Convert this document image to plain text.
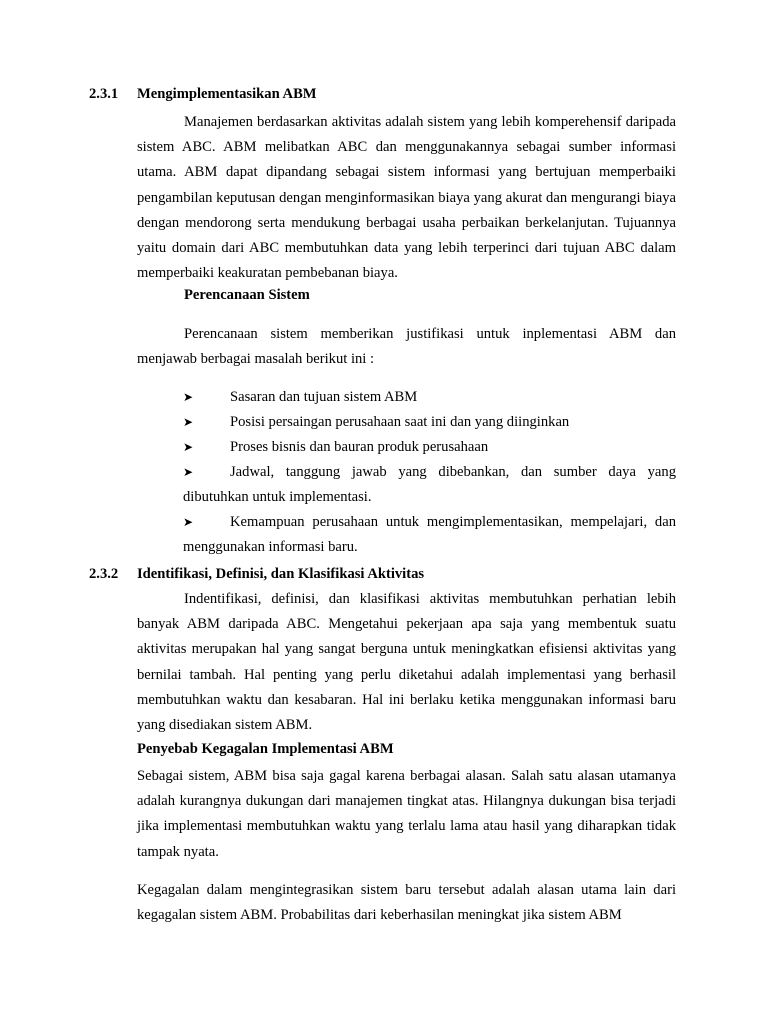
2.3.1 Mengimplementasikan ABM

Manajemen berdasarkan aktivitas adalah sistem yang lebih komperehensif daripada sistem ABC. ABM melibatkan ABC dan menggunakannya sebagai sumber informasi utama. ABM dapat dipandang sebagai sistem informasi yang bertujuan memperbaiki pengambilan keputusan dengan menginformasikan biaya yang akurat dan mengurangi biaya dengan mendorong serta mendukung berbagai usaha perbaikan berkelanjutan. Tujuannya yaitu domain dari ABC membutuhkan data yang lebih terperinci dari tujuan ABC dalam memperbaiki keakuratan pembebanan biaya.

Perencanaan Sistem

Perencanaan sistem memberikan justifikasi untuk inplementasi ABM dan menjawab berbagai masalah berikut ini :

➤	Sasaran dan tujuan sistem ABM
➤	Posisi persaingan perusahaan saat ini dan yang diinginkan
➤	Proses bisnis dan bauran produk perusahaan
➤	Jadwal, tanggung jawab yang dibebankan, dan sumber daya yang dibutuhkan untuk implementasi.
➤	Kemampuan perusahaan untuk mengimplementasikan, mempelajari, dan menggunakan informasi baru.
2.3.2 Identifikasi, Definisi, dan Klasifikasi Aktivitas

Indentifikasi, definisi, dan klasifikasi aktivitas membutuhkan perhatian lebih banyak ABM daripada ABC. Mengetahui pekerjaan apa saja yang membentuk suatu aktivitas merupakan hal yang sangat berguna untuk meningkatkan efisiensi aktivitas yang bernilai tambah. Hal penting yang perlu diketahui adalah implementasi yang berhasil membutuhkan waktu dan kesabaran. Hal ini berlaku ketika menggunakan informasi baru yang disediakan sistem ABM.

Penyebab Kegagalan Implementasi ABM

Sebagai sistem, ABM bisa saja gagal karena berbagai alasan. Salah satu alasan utamanya adalah kurangnya dukungan dari manajemen tingkat atas. Hilangnya dukungan bisa terjadi jika implementasi membutuhkan waktu yang terlalu lama atau hasil yang diharapkan tidak tampak nyata.

Kegagalan dalam mengintegrasikan sistem baru tersebut adalah alasan utama lain dari kegagalan sistem ABM. Probabilitas dari keberhasilan meningkat jika sistem ABM
